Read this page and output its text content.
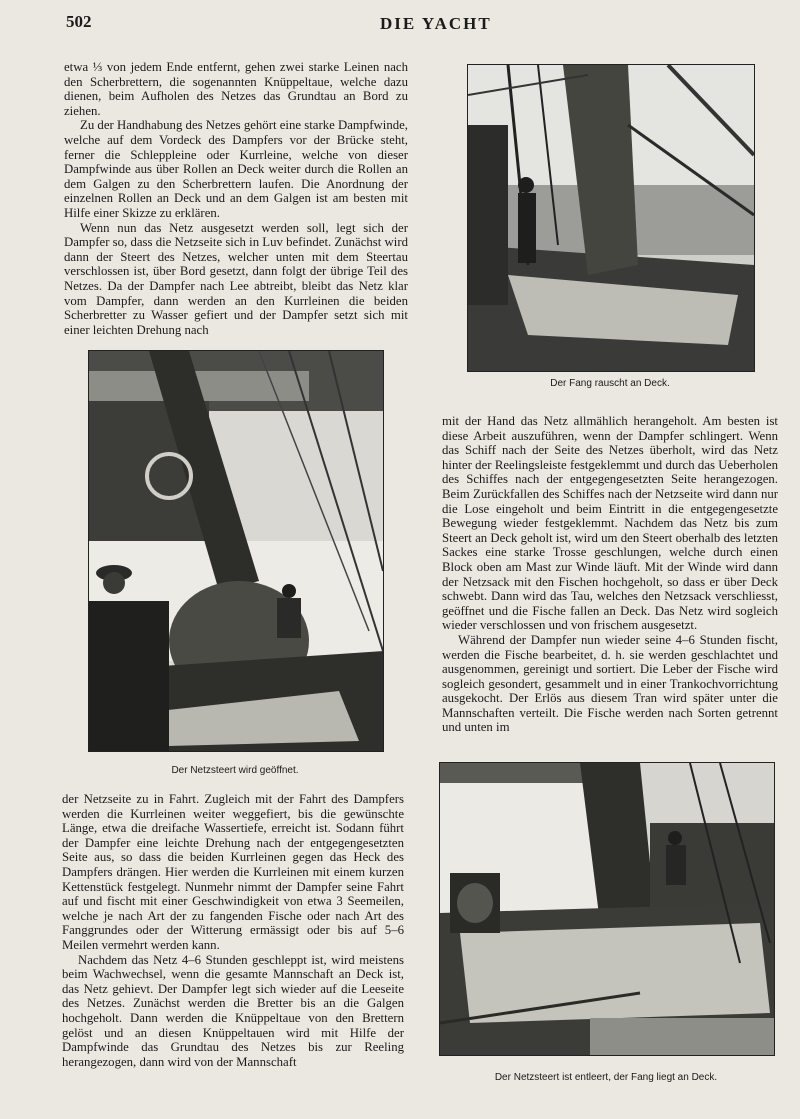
502	DIE YACHT

etwa ⅓ von jedem Ende entfernt, gehen zwei starke Leinen nach den Scherbrettern, die sogenannten Knüppeltaue, welche dazu dienen, beim Aufholen des Netzes das Grundtau an Bord zu ziehen.

Zu der Handhabung des Netzes gehört eine starke Dampfwinde, welche auf dem Vordeck des Dampfers vor der Brücke steht, ferner die Schleppleine oder Kurrleine, welche von dieser Dampfwinde aus über Rollen an Deck weiter durch die Rollen an dem Galgen zu den Scherbrettern laufen. Die Anordnung der einzelnen Rollen an Deck und an dem Galgen ist am besten mit Hilfe einer Skizze zu erklären.

Wenn nun das Netz ausgesetzt werden soll, legt sich der Dampfer so, dass die Netzseite sich in Luv befindet. Zunächst wird dann der Steert des Netzes, welcher unten mit dem Steertau verschlossen ist, über Bord gesetzt, dann folgt der übrige Teil des Netzes. Da der Dampfer nach Lee abtreibt, bleibt das Netz klar vom Dampfer, dann werden an den Kurrleinen die beiden Scherbretter zu Wasser gefiert und der Dampfer setzt sich mit einer leichten Drehung nach

Der Fang rauscht an Deck.
Der Netzsteert wird geöffnet.

mit der Hand das Netz allmählich herangeholt. Am besten ist diese Arbeit auszuführen, wenn der Dampfer schlingert. Wenn das Schiff nach der Seite des Netzes überholt, wird das Netz hinter der Reelingsleiste festgeklemmt und durch das Ueberholen des Schiffes nach der entgegengesetzten Seite herangezogen. Beim Zurückfallen des Schiffes nach der Netzseite wird dann nur die Lose eingeholt und beim Eintritt in die entgegengesetzte Bewegung wieder festgeklemmt. Nachdem das Netz bis zum Steert an Deck geholt ist, wird um den Steert oberhalb des letzten Sackes eine starke Trosse geschlungen, welche durch einen Block oben am Mast zur Winde läuft. Mit der Winde wird dann der Netzsack mit den Fischen hochgeholt, so dass er über Deck schwebt. Dann wird das Tau, welches den Netzsack verschliesst, geöffnet und die Fische fallen an Deck. Das Netz wird sogleich wieder verschlossen und von frischem ausgesetzt.

Während der Dampfer nun wieder seine 4–6 Stunden fischt, werden die Fische bearbeitet, d. h. sie werden geschlachtet und ausgenommen, gereinigt und sortiert. Die Leber der Fische wird sogleich gesondert, gesammelt und in einer Trankochvorrichtung ausgekocht. Der Erlös aus diesem Tran wird später unter die Mannschaften verteilt. Die Fische werden nach Sorten getrennt und unten im

der Netzseite zu in Fahrt. Zugleich mit der Fahrt des Dampfers werden die Kurrleinen weiter weggefiert, bis die gewünschte Länge, etwa die dreifache Wassertiefe, erreicht ist. Sodann führt der Dampfer eine leichte Drehung nach der entgegengesetzten Seite aus, so dass die beiden Kurrleinen gegen das Heck des Dampfers drängen. Hier werden die Kurrleinen mit einem kurzen Kettenstück festgelegt. Nunmehr nimmt der Dampfer seine Fahrt auf und fischt mit einer Geschwindigkeit von etwa 3 Seemeilen, welche je nach Art der zu fangenden Fische oder nach Art des Fanggrundes oder der Witterung ermässigt oder bis auf 5–6 Meilen vermehrt werden kann.

Nachdem das Netz 4–6 Stunden geschleppt ist, wird meistens beim Wachwechsel, wenn die gesamte Mannschaft an Deck ist, das Netz gehievt. Der Dampfer legt sich wieder auf die Leeseite des Netzes. Zunächst werden die Bretter bis an die Galgen hochgeholt. Dann werden die Knüppeltaue von den Brettern gelöst und an diesen Knüppeltauen wird mit Hilfe der Dampfwinde das Grundtau des Netzes bis zur Reeling herangezogen, dann wird von der Mannschaft

Der Netzsteert ist entleert, der Fang liegt an Deck.
